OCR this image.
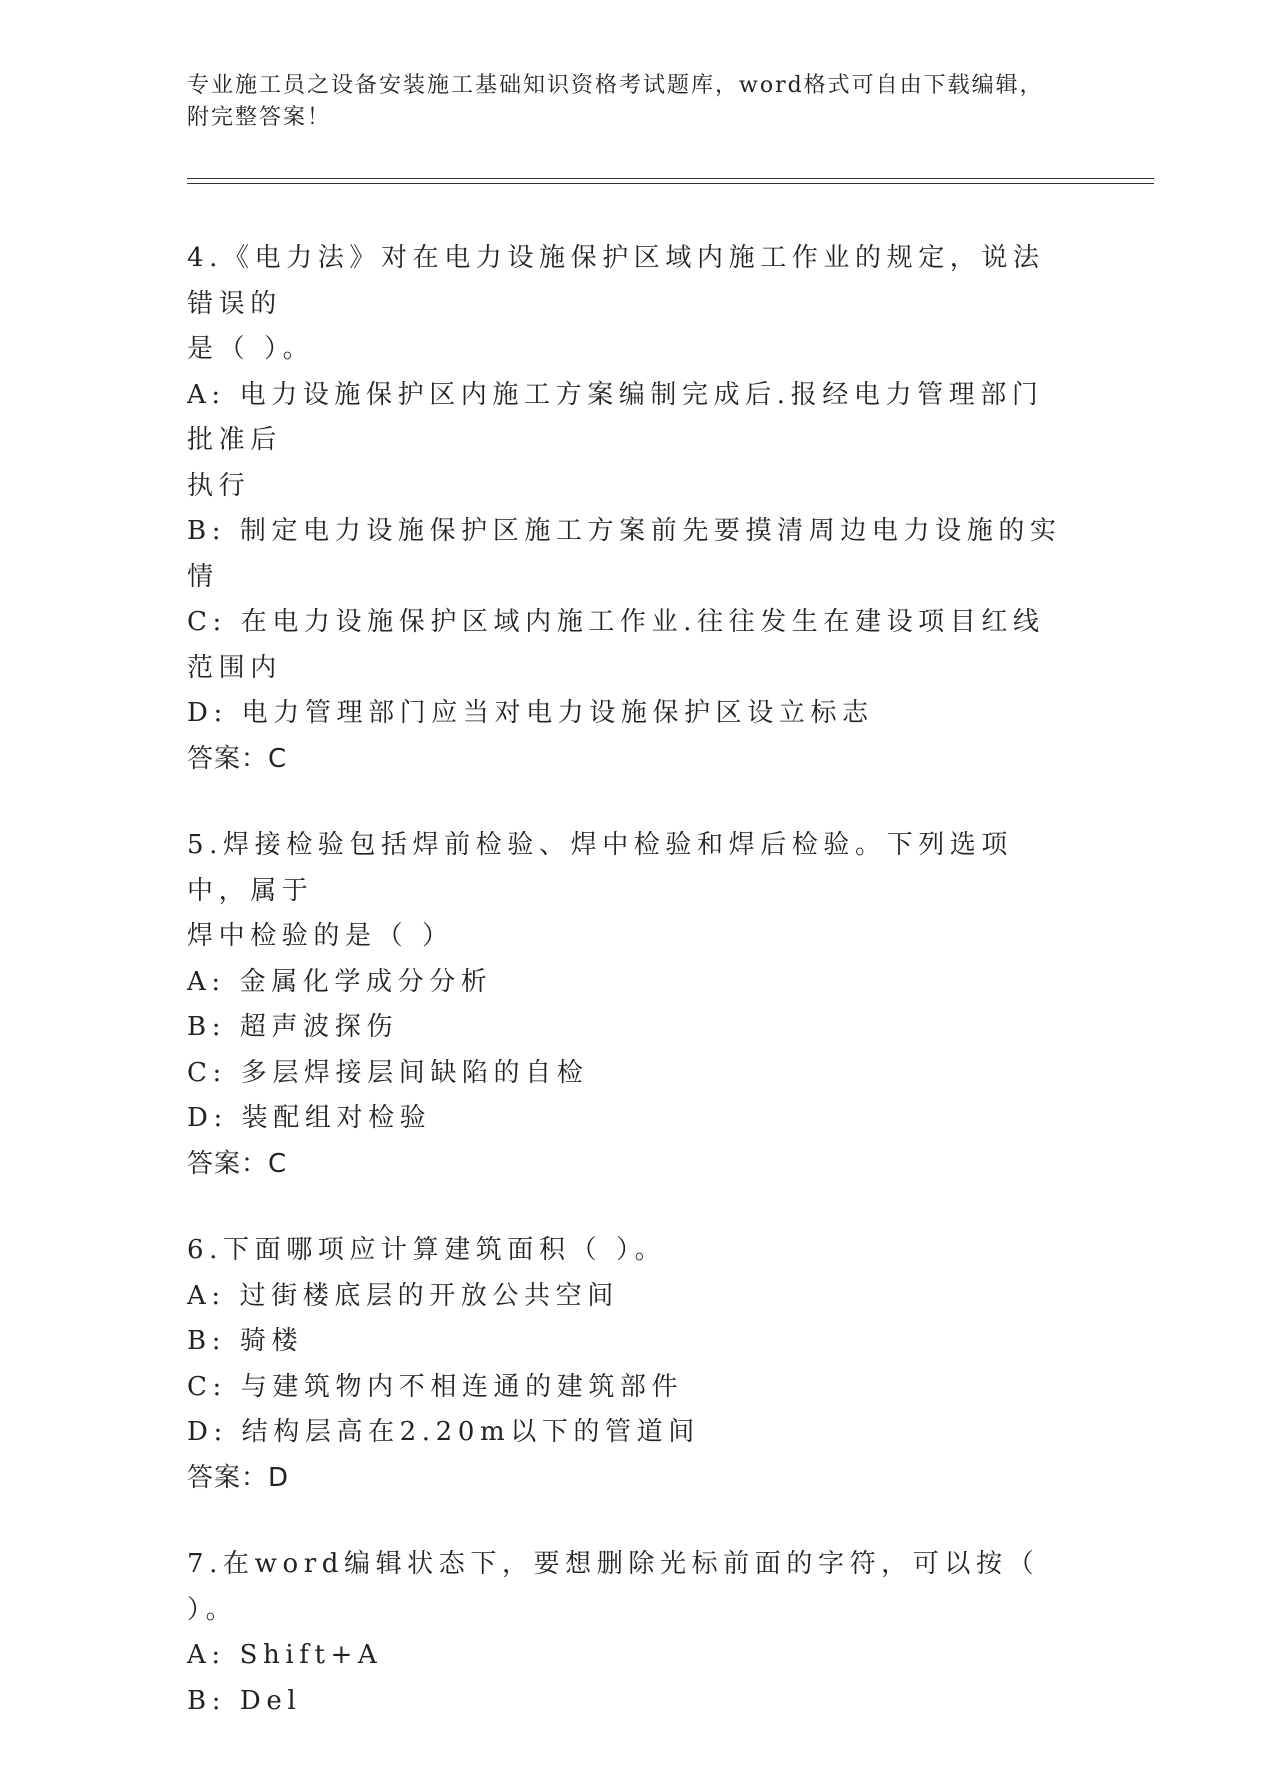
专业施工员之设备安装施工基础知识资格考试题库，word格式可自由下载编辑，
附完整答案！
4.《电力法》对在电力设施保护区域内施工作业的规定，说法错误的
是（ ）。
A: 电力设施保护区内施工方案编制完成后.报经电力管理部门批准后
执行
B: 制定电力设施保护区施工方案前先要摸清周边电力设施的实情
C: 在电力设施保护区域内施工作业.往往发生在建设项目红线范围内
D: 电力管理部门应当对电力设施保护区设立标志
答案：C
5.焊接检验包括焊前检验、焊中检验和焊后检验。下列选项中，属于
焊中检验的是（ ）
A: 金属化学成分分析
B: 超声波探伤
C: 多层焊接层间缺陷的自检
D: 装配组对检验
答案：C
6.下面哪项应计算建筑面积（ ）。
A: 过街楼底层的开放公共空间
B: 骑楼
C: 与建筑物内不相连通的建筑部件
D: 结构层高在2.20m以下的管道间
答案：D
7.在word编辑状态下，要想删除光标前面的字符，可以按（ ）。
A: Shift+A
B: Del
